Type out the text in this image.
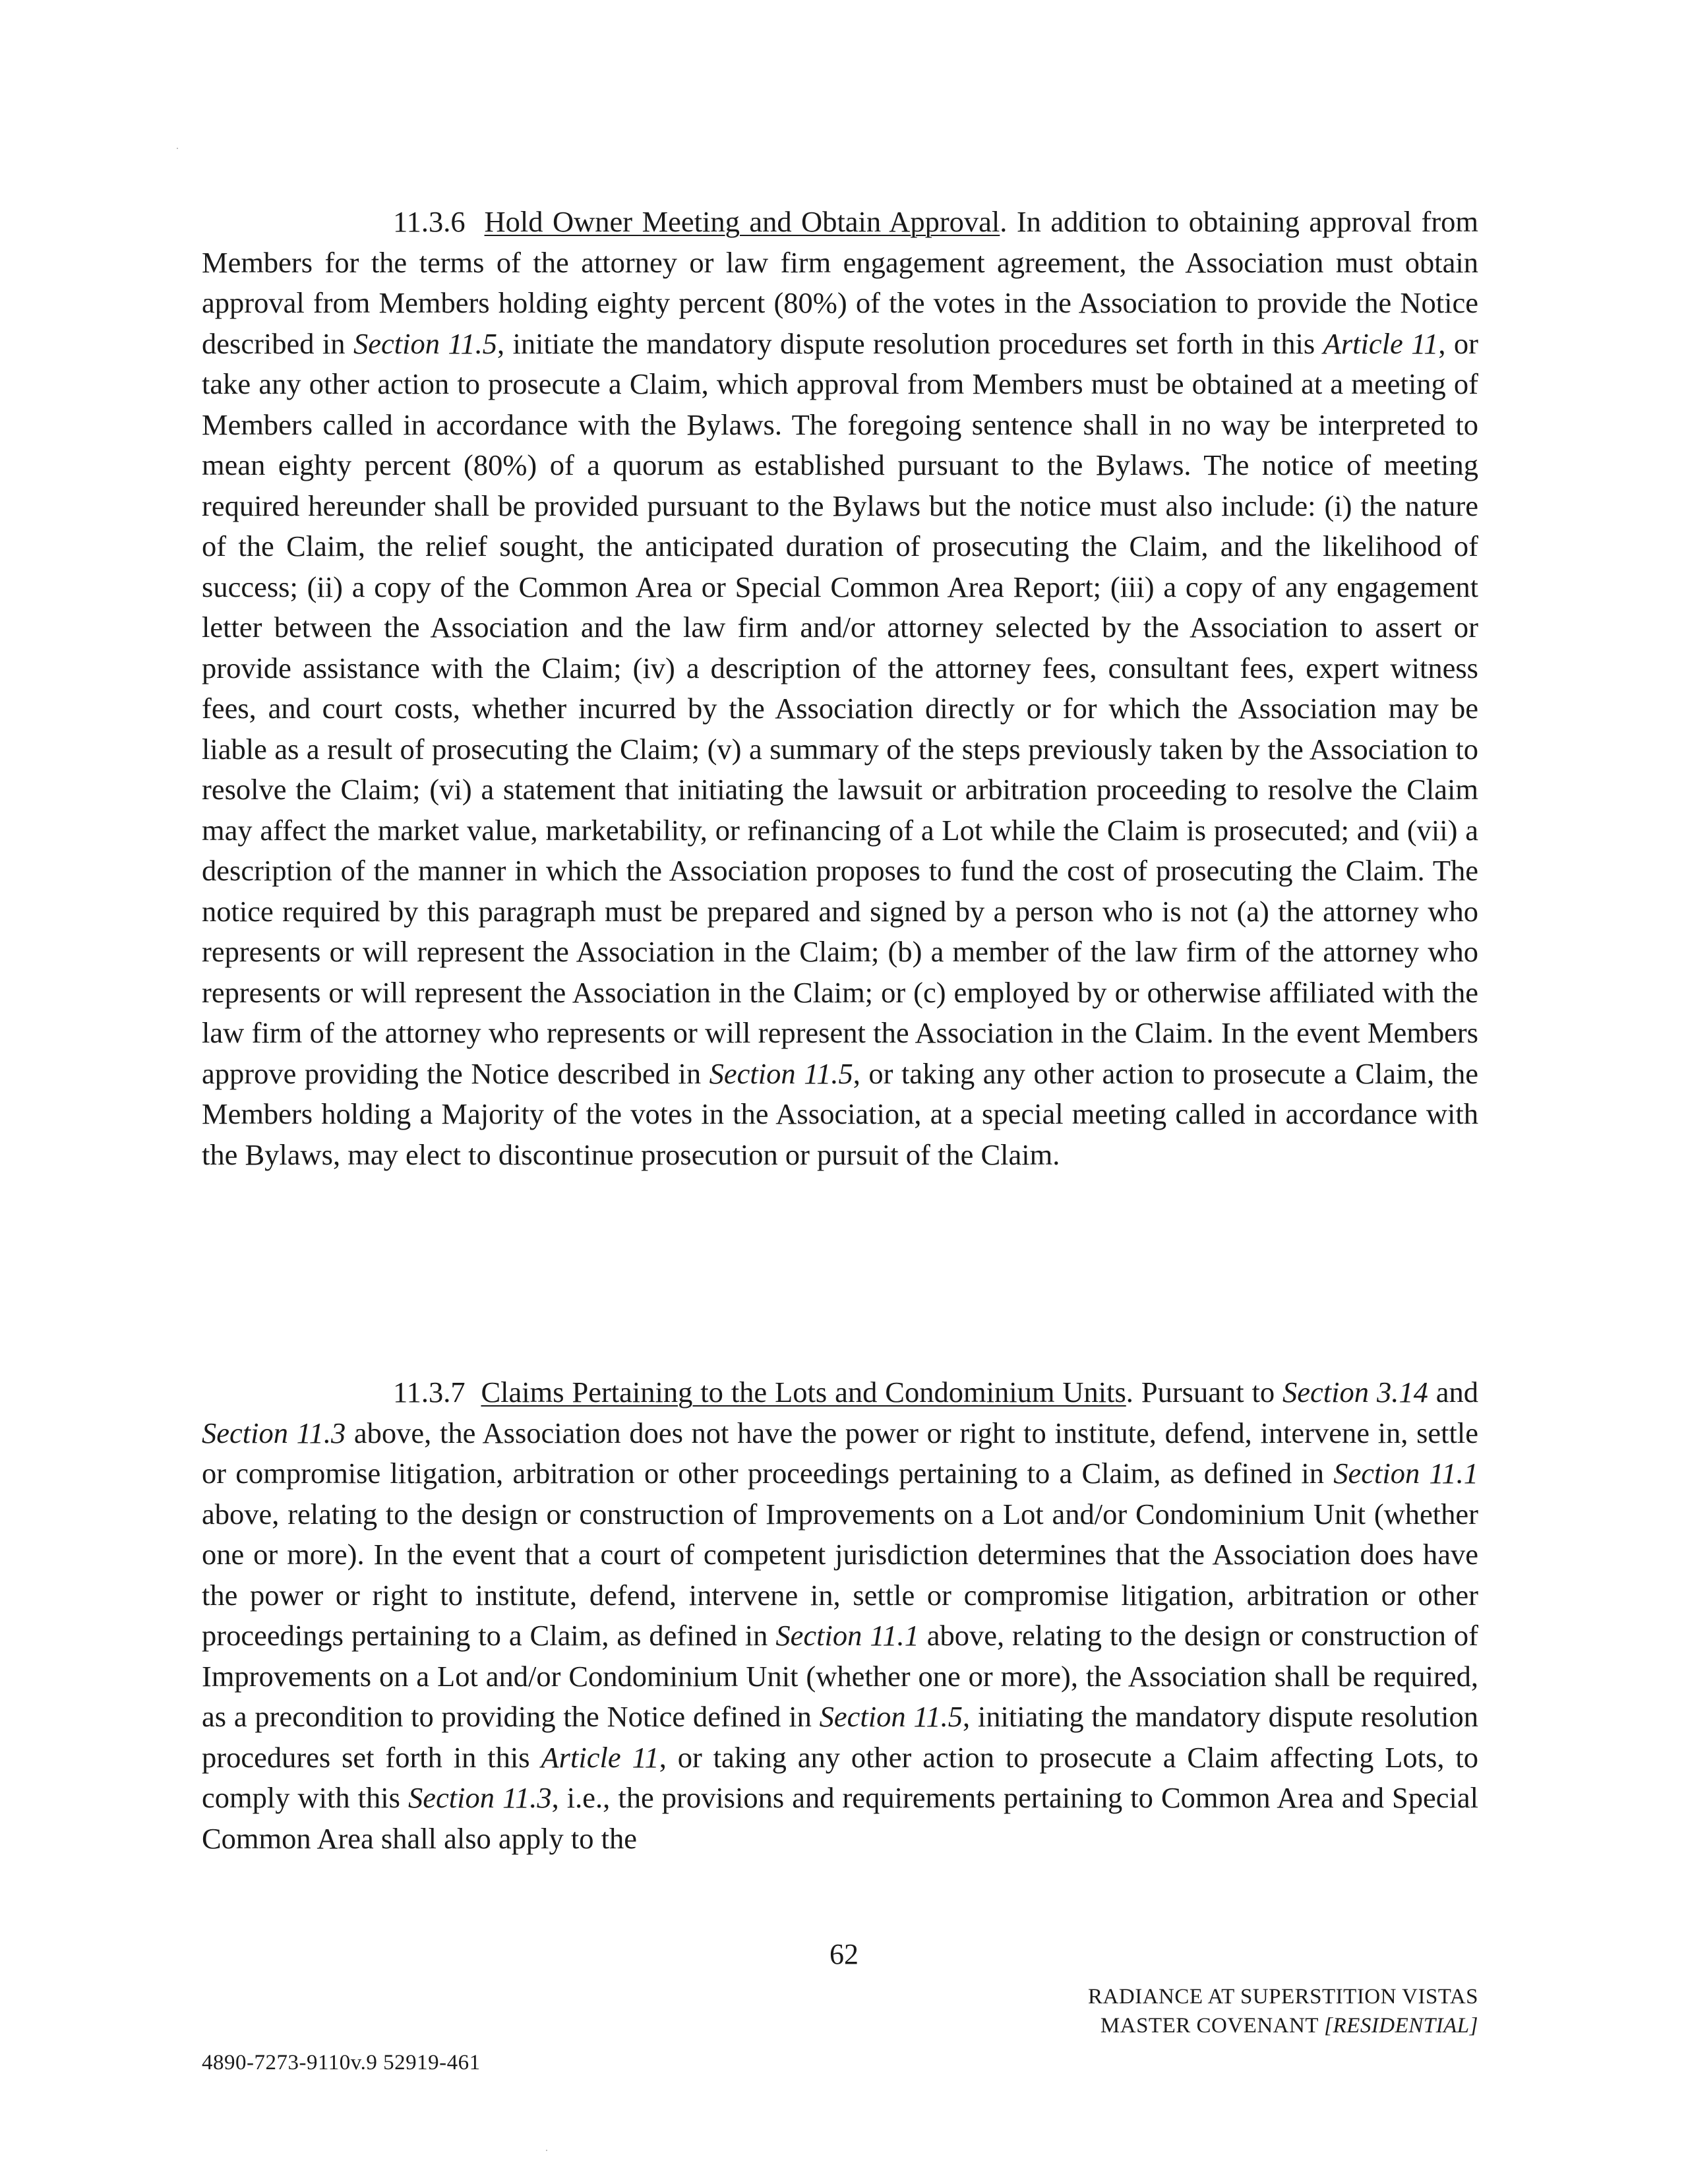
11.3.6 Hold Owner Meeting and Obtain Approval. In addition to obtaining approval from Members for the terms of the attorney or law firm engagement agreement, the Association must obtain approval from Members holding eighty percent (80%) of the votes in the Association to provide the Notice described in Section 11.5, initiate the mandatory dispute resolution procedures set forth in this Article 11, or take any other action to prosecute a Claim, which approval from Members must be obtained at a meeting of Members called in accordance with the Bylaws. The foregoing sentence shall in no way be interpreted to mean eighty percent (80%) of a quorum as established pursuant to the Bylaws. The notice of meeting required hereunder shall be provided pursuant to the Bylaws but the notice must also include: (i) the nature of the Claim, the relief sought, the anticipated duration of prosecuting the Claim, and the likelihood of success; (ii) a copy of the Common Area or Special Common Area Report; (iii) a copy of any engagement letter between the Association and the law firm and/or attorney selected by the Association to assert or provide assistance with the Claim; (iv) a description of the attorney fees, consultant fees, expert witness fees, and court costs, whether incurred by the Association directly or for which the Association may be liable as a result of prosecuting the Claim; (v) a summary of the steps previously taken by the Association to resolve the Claim; (vi) a statement that initiating the lawsuit or arbitration proceeding to resolve the Claim may affect the market value, marketability, or refinancing of a Lot while the Claim is prosecuted; and (vii) a description of the manner in which the Association proposes to fund the cost of prosecuting the Claim. The notice required by this paragraph must be prepared and signed by a person who is not (a) the attorney who represents or will represent the Association in the Claim; (b) a member of the law firm of the attorney who represents or will represent the Association in the Claim; or (c) employed by or otherwise affiliated with the law firm of the attorney who represents or will represent the Association in the Claim. In the event Members approve providing the Notice described in Section 11.5, or taking any other action to prosecute a Claim, the Members holding a Majority of the votes in the Association, at a special meeting called in accordance with the Bylaws, may elect to discontinue prosecution or pursuit of the Claim.

11.3.7 Claims Pertaining to the Lots and Condominium Units. Pursuant to Section 3.14 and Section 11.3 above, the Association does not have the power or right to institute, defend, intervene in, settle or compromise litigation, arbitration or other proceedings pertaining to a Claim, as defined in Section 11.1 above, relating to the design or construction of Improvements on a Lot and/or Condominium Unit (whether one or more). In the event that a court of competent jurisdiction determines that the Association does have the power or right to institute, defend, intervene in, settle or compromise litigation, arbitration or other proceedings pertaining to a Claim, as defined in Section 11.1 above, relating to the design or construction of Improvements on a Lot and/or Condominium Unit (whether one or more), the Association shall be required, as a precondition to providing the Notice defined in Section 11.5, initiating the mandatory dispute resolution procedures set forth in this Article 11, or taking any other action to prosecute a Claim affecting Lots, to comply with this Section 11.3, i.e., the provisions and requirements pertaining to Common Area and Special Common Area shall also apply to the

62
RADIANCE AT SUPERSTITION VISTAS
MASTER COVENANT [RESIDENTIAL]
4890-7273-9110v.9 52919-461
